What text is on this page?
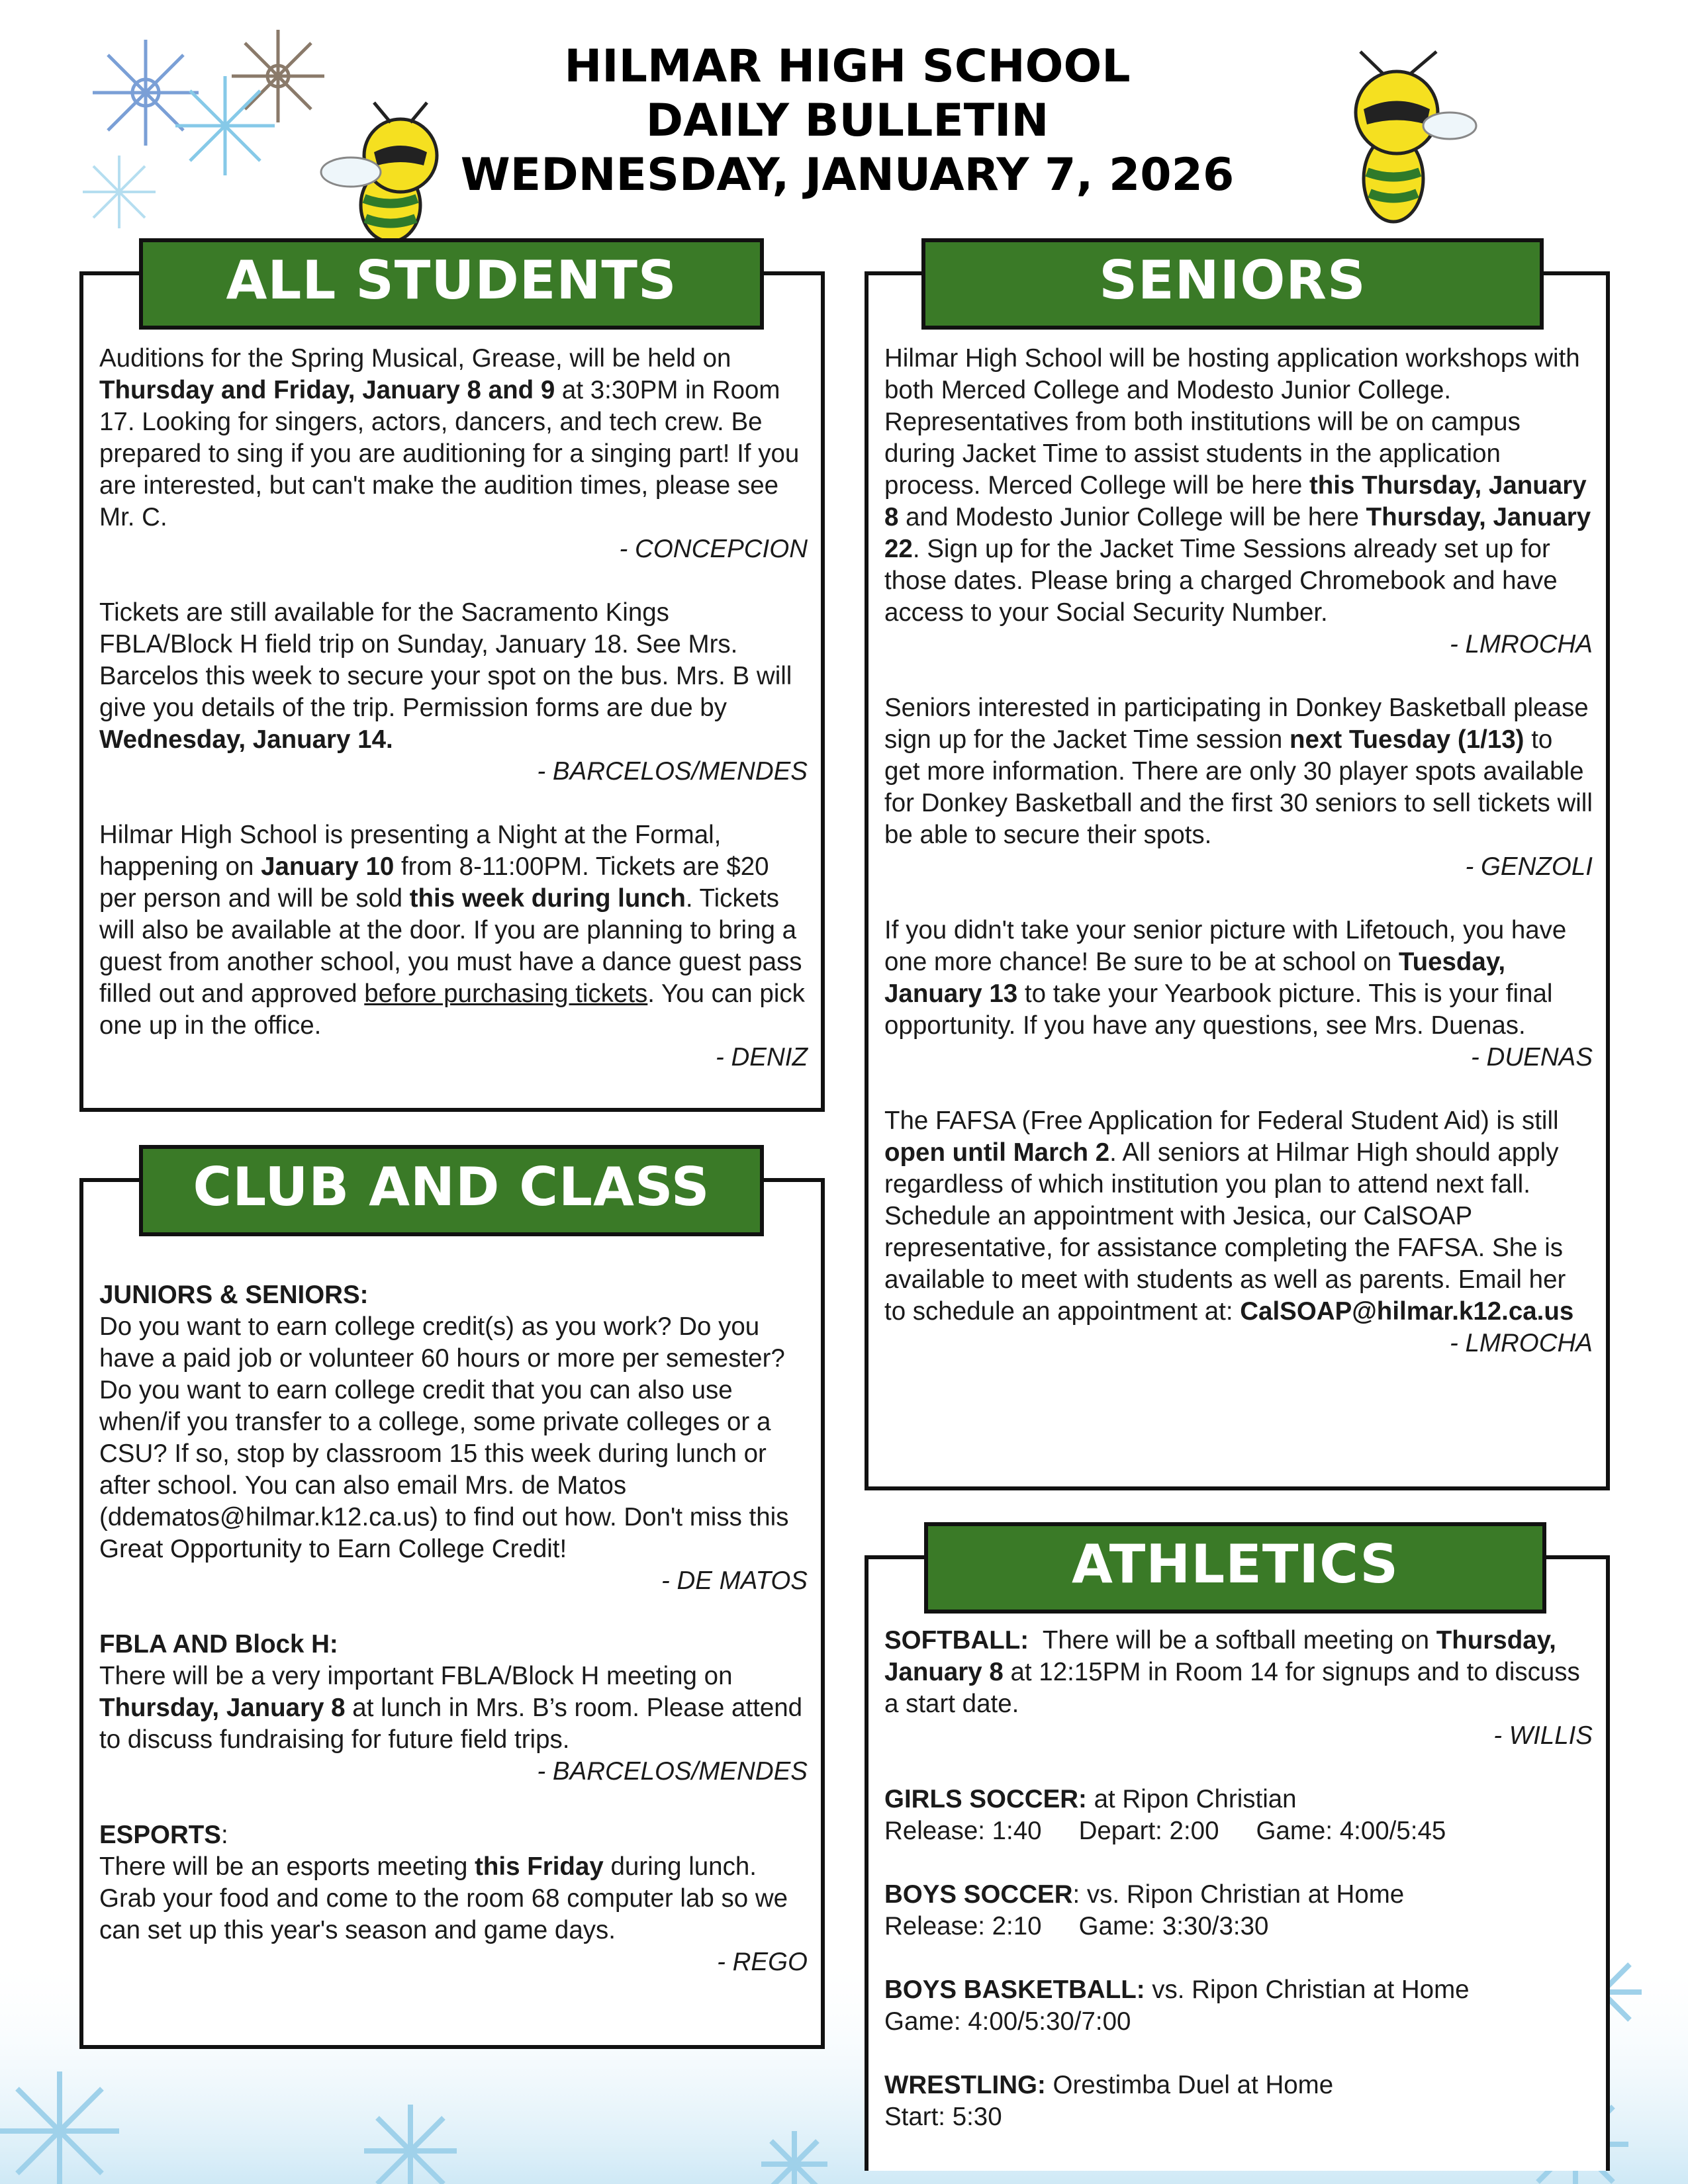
HILMAR HIGH SCHOOL
DAILY BULLETIN
WEDNESDAY, JANUARY 7, 2026
ALL STUDENTS

Auditions for the Spring Musical, Grease, will be held on Thursday and Friday, January 8 and 9 at 3:30PM in Room 17. Looking for singers, actors, dancers, and tech crew. Be prepared to sing if you are auditioning for a singing part! If you are interested, but can't make the audition times, please see Mr. C.

- CONCEPCION

Tickets are still available for the Sacramento Kings FBLA/Block H field trip on Sunday, January 18. See Mrs. Barcelos this week to secure your spot on the bus. Mrs. B will give you details of the trip. Permission forms are due by Wednesday, January 14.

- BARCELOS/MENDES

Hilmar High School is presenting a Night at the Formal, happening on January 10 from 8-11:00PM. Tickets are $20 per person and will be sold this week during lunch. Tickets will also be available at the door. If you are planning to bring a guest from another school, you must have a dance guest pass filled out and approved before purchasing tickets. You can pick one up in the office.

- DENIZ

CLUB AND CLASS

JUNIORS & SENIORS:

Do you want to earn college credit(s) as you work? Do you have a paid job or volunteer 60 hours or more per semester? Do you want to earn college credit that you can also use when/if you transfer to a college, some private colleges or a CSU? If so, stop by classroom 15 this week during lunch or after school. You can also email Mrs. de Matos (ddematos@hilmar.k12.ca.us) to find out how. Don't miss this Great Opportunity to Earn College Credit!

- DE MATOS

FBLA AND Block H:

There will be a very important FBLA/Block H meeting on Thursday, January 8 at lunch in Mrs. B’s room. Please attend to discuss fundraising for future field trips.

- BARCELOS/MENDES

ESPORTS:

There will be an esports meeting this Friday during lunch. Grab your food and come to the room 68 computer lab so we can set up this year's season and game days.

- REGO

SENIORS

Hilmar High School will be hosting application workshops with both Merced College and Modesto Junior College. Representatives from both institutions will be on campus during Jacket Time to assist students in the application process. Merced College will be here this Thursday, January 8 and Modesto Junior College will be here Thursday, January 22. Sign up for the Jacket Time Sessions already set up for those dates. Please bring a charged Chromebook and have access to your Social Security Number.

- LMROCHA

Seniors interested in participating in Donkey Basketball please sign up for the Jacket Time session next Tuesday (1/13) to get more information. There are only 30 player spots available for Donkey Basketball and the first 30 seniors to sell tickets will be able to secure their spots.

- GENZOLI

If you didn't take your senior picture with Lifetouch, you have one more chance! Be sure to be at school on Tuesday, January 13 to take your Yearbook picture. This is your final opportunity. If you have any questions, see Mrs. Duenas.

- DUENAS

The FAFSA (Free Application for Federal Student Aid) is still open until March 2. All seniors at Hilmar High should apply regardless of which institution you plan to attend next fall. Schedule an appointment with Jesica, our CalSOAP representative, for assistance completing the FAFSA. She is available to meet with students as well as parents. Email her to schedule an appointment at: CalSOAP@hilmar.k12.ca.us

- LMROCHA

ATHLETICS

SOFTBALL:  There will be a softball meeting on Thursday, January 8 at 12:15PM in Room 14 for signups and to discuss a start date.

- WILLIS

GIRLS SOCCER: at Ripon Christian

Release: 1:40 Depart: 2:00 Game: 4:00/5:45

BOYS SOCCER: vs. Ripon Christian at Home

Release: 2:10 Game: 3:30/3:30

BOYS BASKETBALL: vs. Ripon Christian at Home

Game: 4:00/5:30/7:00

WRESTLING: Orestimba Duel at Home

Start: 5:30
